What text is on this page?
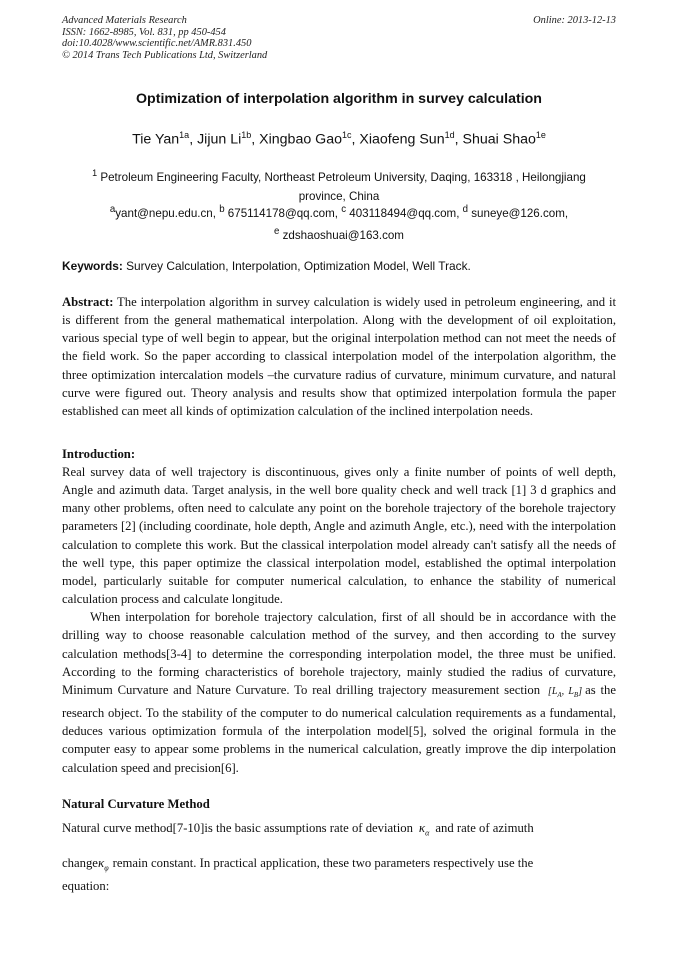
Advanced Materials Research
ISSN: 1662-8985, Vol. 831, pp 450-454
doi:10.4028/www.scientific.net/AMR.831.450
© 2014 Trans Tech Publications Ltd, Switzerland
Online: 2013-12-13
Optimization of interpolation algorithm in survey calculation
Tie Yan$^{1a}$, Jijun $Li^{1b}$, Xingbao Gao$^{1c}$, Xiaofeng Sun$^{1d}$, Shuai Shao$^{1e}$
$^1$ Petroleum Engineering Faculty, Northeast Petroleum University, Daqing, 163318 , Heilongjiang
province, China
$^a$yant@nepu.edu.cn, $^b$ 675114178@qq.com, $^c$ 403118494@qq.com, $^d$ suneye@126.com,
$^e$ zdshaoshuai@163.com
Keywords: Survey Calculation, Interpolation, Optimization Model, Well Track.
Abstract: The interpolation algorithm in survey calculation is widely used in petroleum engineering, and it is different from the general mathematical interpolation. Along with the development of oil exploitation, various special type of well begin to appear, but the original interpolation method can not meet the needs of the field work. So the paper according to classical interpolation model of the interpolation algorithm, the three optimization intercalation models –the curvature radius of curvature, minimum curvature, and natural curve were figured out. Theory analysis and results show that optimized interpolation formula the paper established can meet all kinds of optimization calculation of the inclined interpolation needs.
Introduction:
Real survey data of well trajectory is discontinuous, gives only a finite number of points of well depth, Angle and azimuth data. Target analysis, in the well bore quality check and well track [1] 3 d graphics and many other problems, often need to calculate any point on the borehole trajectory of the borehole trajectory parameters [2] (including coordinate, hole depth, Angle and azimuth Angle, etc.), need with the interpolation calculation to complete this work. But the classical interpolation model already can't satisfy all the needs of the well type, this paper optimize the classical interpolation model, established the optimal interpolation model, particularly suitable for computer numerical calculation, to enhance the stability of numerical calculation process and calculate longitude.
When interpolation for borehole trajectory calculation, first of all should be in accordance with the drilling way to choose reasonable calculation method of the survey, and then according to the survey calculation methods[3-4] to determine the corresponding interpolation model, the three must be unified. According to the forming characteristics of borehole trajectory, mainly studied the radius of curvature, Minimum Curvature and Nature Curvature. To real drilling trajectory measurement section [$L_A$, $L_B$] as the research object. To the stability of the computer to do numerical calculation requirements as a fundamental, deduces various optimization formula of the interpolation model[5], solved the original formula in the computer easy to appear some problems in the numerical calculation, greatly improve the dip interpolation calculation speed and precision[6].
Natural Curvature Method
Natural curve method[7-10]is the basic assumptions rate of deviation $\kappa_\alpha$ and rate of azimuth
changeκ$_\varphi$ remain constant. In practical application, these two parameters respectively use the
equation:
